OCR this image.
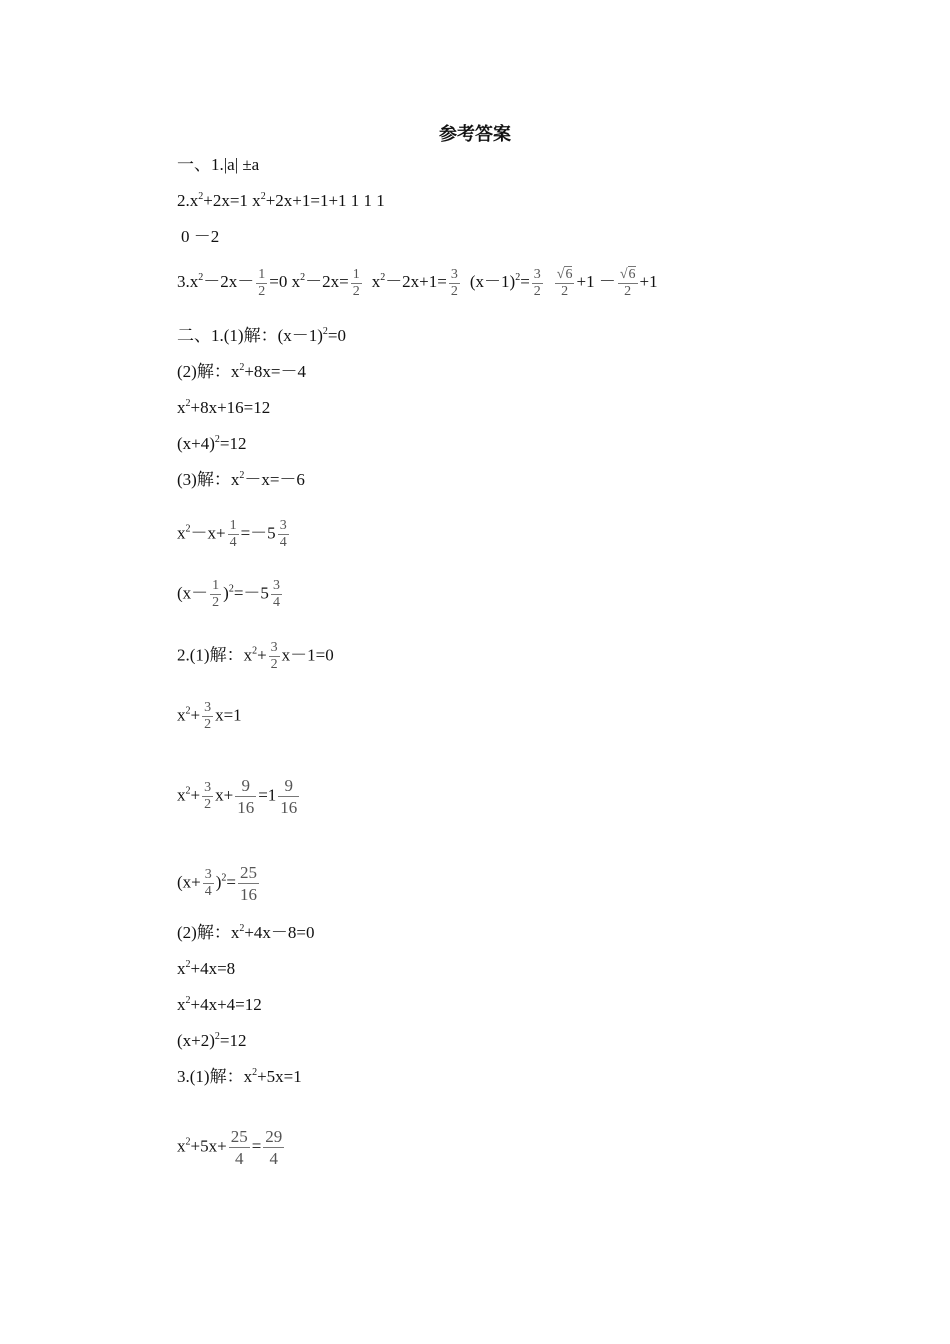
参考答案
一、1.|a| ±a
$2.x^2+2x=1$ $x^2+2x+1=1+1$ 1 1 1
0 －2
$3.x^2-2x- \frac{1}{2} =0$ $x^2-2x= \frac{1}{2} x^2-2x+1= \frac{3}{2} (x-1)^2= \frac{3}{2} \frac{√6}{2} +1 - \frac{√6}{2} +1$
二、1.(1)解：$(x-1)^2=0$
(2)解：$x^2+8x=-4$
$x^2+8x+16=12$
$(x+4)^2=12$
(3)解：$x^2-x=-6$
$x^2-x+ \frac{1}{4} =-5 \frac{3}{4}$
$(x- \frac{1}{2} )^2=-5 \frac{3}{4}$
2.(1)解：$x^2+ \frac{3}{2} x-1=0$
$x^2+ \frac{3}{2} x=1$
$x^2+ \frac{3}{2} x+ \frac{9}{16} =1 \frac{9}{16}$
$(x+ \frac{3}{4} )^2= \frac{25}{16}$
(2)解：$x^2+4x-8=0$
$x^2+4x=8$
$x^2+4x+4=12$
$(x+2)^2=12$
3.(1)解：$x^2+5x=1$
$x^2+5x+ \frac{25}{4} = \frac{29}{4}$
